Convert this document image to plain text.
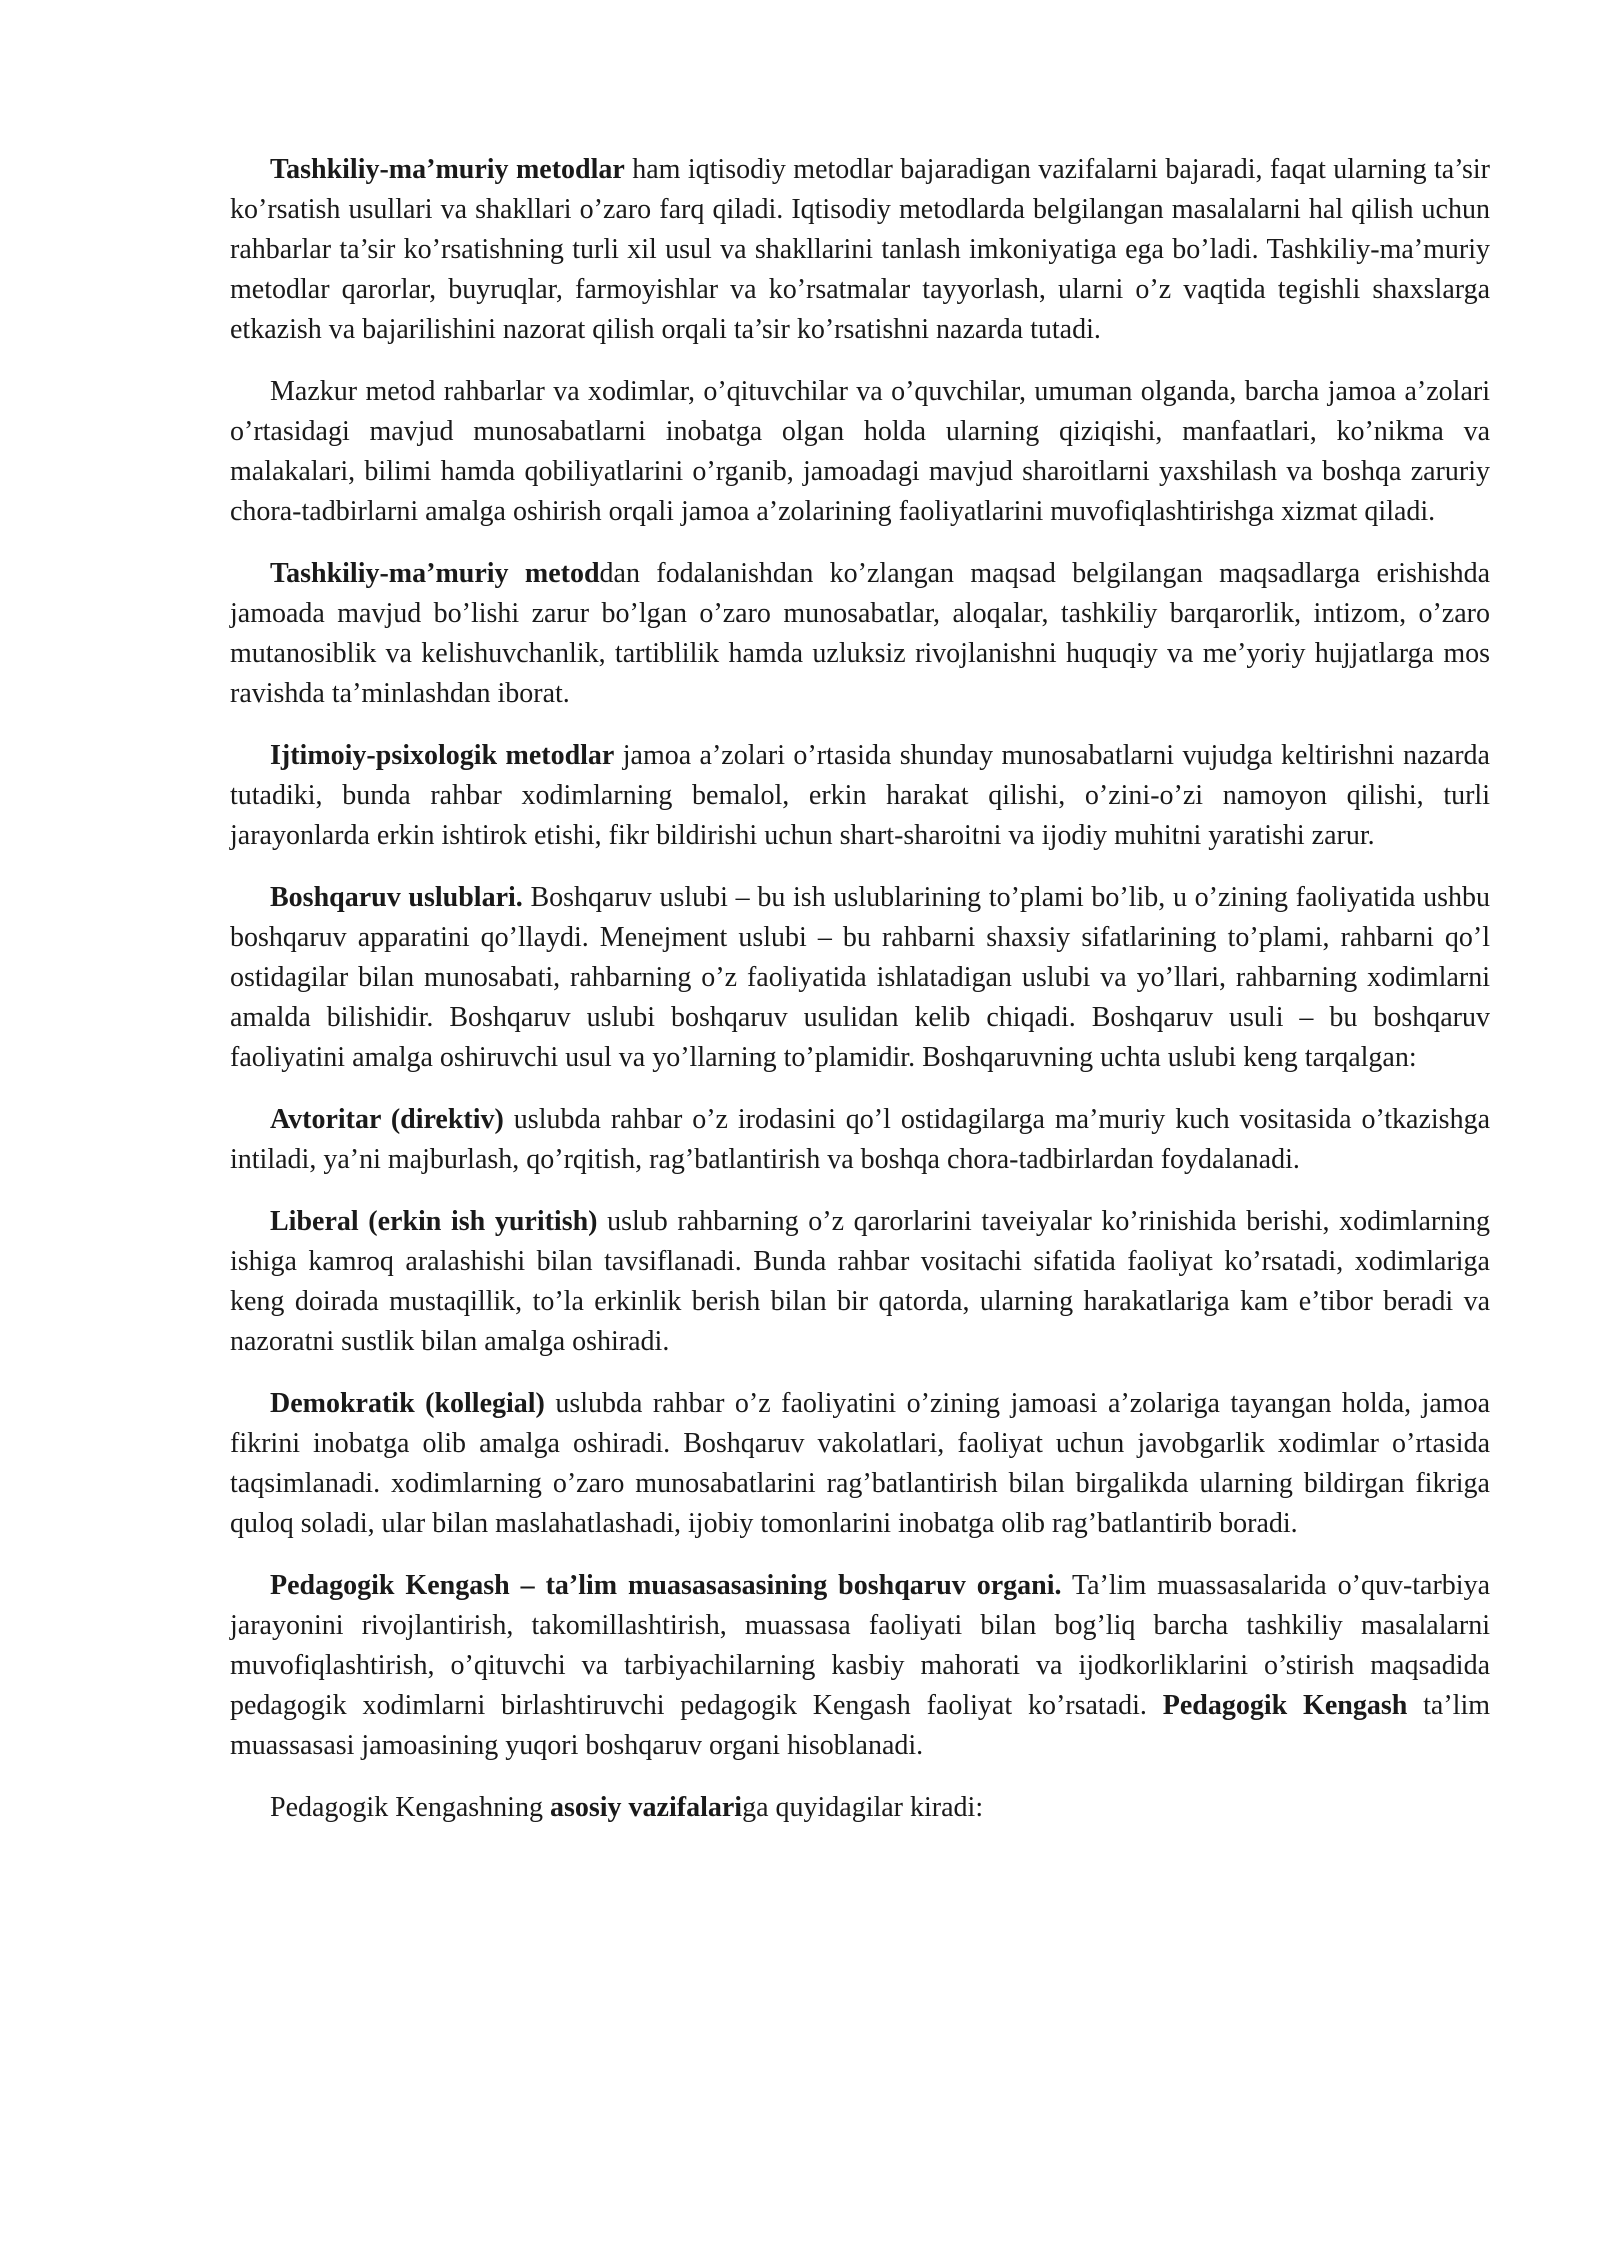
Tashkiliy-ma’muriy metodlar ham iqtisodiy metodlar bajaradigan vazifalarni bajaradi, faqat ularning ta’sir ko’rsatish usullari va shakllari o’zaro farq qiladi. Iqtisodiy metodlarda belgilangan masalalarni hal qilish uchun rahbarlar ta’sir ko’rsatishning turli xil usul va shakllarini tanlash imkoniyatiga ega bo’ladi. Tashkiliy-ma’muriy metodlar qarorlar, buyruqlar, farmoyishlar va ko’rsatmalar tayyorlash, ularni o’z vaqtida tegishli shaxslarga etkazish va bajarilishini nazorat qilish orqali ta’sir ko’rsatishni nazarda tutadi.

Mazkur metod rahbarlar va xodimlar, o’qituvchilar va o’quvchilar, umuman olganda, barcha jamoa a’zolari o’rtasidagi mavjud munosabatlarni inobatga olgan holda ularning qiziqishi, manfaatlari, ko’nikma va malakalari, bilimi hamda qobiliyatlarini o’rganib, jamoadagi mavjud sharoitlarni yaxshilash va boshqa zaruriy chora-tadbirlarni amalga oshirish orqali jamoa a’zolarining faoliyatlarini muvofiqlashtirishga xizmat qiladi.

Tashkiliy-ma’muriy metoddan fodalanishdan ko’zlangan maqsad belgilangan maqsadlarga erishishda jamoada mavjud bo’lishi zarur bo’lgan o’zaro munosabatlar, aloqalar, tashkiliy barqarorlik, intizom, o’zaro mutanosiblik va kelishuvchanlik, tartiblilik hamda uzluksiz rivojlanishni huquqiy va me’yoriy hujjatlarga mos ravishda ta’minlashdan iborat.

Ijtimoiy-psixologik metodlar jamoa a’zolari o’rtasida shunday munosabatlarni vujudga keltirishni nazarda tutadiki, bunda rahbar xodimlarning bemalol, erkin harakat qilishi, o’zini-o’zi namoyon qilishi, turli jarayonlarda erkin ishtirok etishi, fikr bildirishi uchun shart-sharoitni va ijodiy muhitni yaratishi zarur.

Boshqaruv uslublari. Boshqaruv uslubi – bu ish uslublarining to’plami bo’lib, u o’zining faoliyatida ushbu boshqaruv apparatini qo’llaydi. Menejment uslubi – bu rahbarni shaxsiy sifatlarining to’plami, rahbarni qo’l ostidagilar bilan munosabati, rahbarning o’z faoliyatida ishlatadigan uslubi va yo’llari, rahbarning xodimlarni amalda bilishidir. Boshqaruv uslubi boshqaruv usulidan kelib chiqadi. Boshqaruv usuli – bu boshqaruv faoliyatini amalga oshiruvchi usul va yo’llarning to’plamidir. Boshqaruvning uchta uslubi keng tarqalgan:

Avtoritar (direktiv) uslubda rahbar o’z irodasini qo’l ostidagilarga ma’muriy kuch vositasida o’tkazishga intiladi, ya’ni majburlash, qo’rqitish, rag’batlantirish va boshqa chora-tadbirlardan foydalanadi.

Liberal (erkin ish yuritish) uslub rahbarning o’z qarorlarini taveiyalar ko’rinishida berishi, xodimlarning ishiga kamroq aralashishi bilan tavsiflanadi. Bunda rahbar vositachi sifatida faoliyat ko’rsatadi, xodimlariga keng doirada mustaqillik, to’la erkinlik berish bilan bir qatorda, ularning harakatlariga kam e’tibor beradi va nazoratni sustlik bilan amalga oshiradi.

Demokratik (kollegial) uslubda rahbar o’z faoliyatini o’zining jamoasi a’zolariga tayangan holda, jamoa fikrini inobatga olib amalga oshiradi. Boshqaruv vakolatlari, faoliyat uchun javobgarlik xodimlar o’rtasida taqsimlanadi. xodimlarning o’zaro munosabatlarini rag’batlantirish bilan birgalikda ularning bildirgan fikriga quloq soladi, ular bilan maslahatlashadi, ijobiy tomonlarini inobatga olib rag’batlantirib boradi.

Pedagogik Kengash – ta’lim muasasasasining boshqaruv organi. Ta’lim muassasalarida o’quv-tarbiya jarayonini rivojlantirish, takomillashtirish, muassasa faoliyati bilan bog’liq barcha tashkiliy masalalarni muvofiqlashtirish, o’qituvchi va tarbiyachilarning kasbiy mahorati va ijodkorliklarini o’stirish maqsadida pedagogik xodimlarni birlashtiruvchi pedagogik Kengash faoliyat ko’rsatadi. Pedagogik Kengash ta’lim muassasasi jamoasining yuqori boshqaruv organi hisoblanadi.

Pedagogik Kengashning asosiy vazifalariga quyidagilar kiradi:
